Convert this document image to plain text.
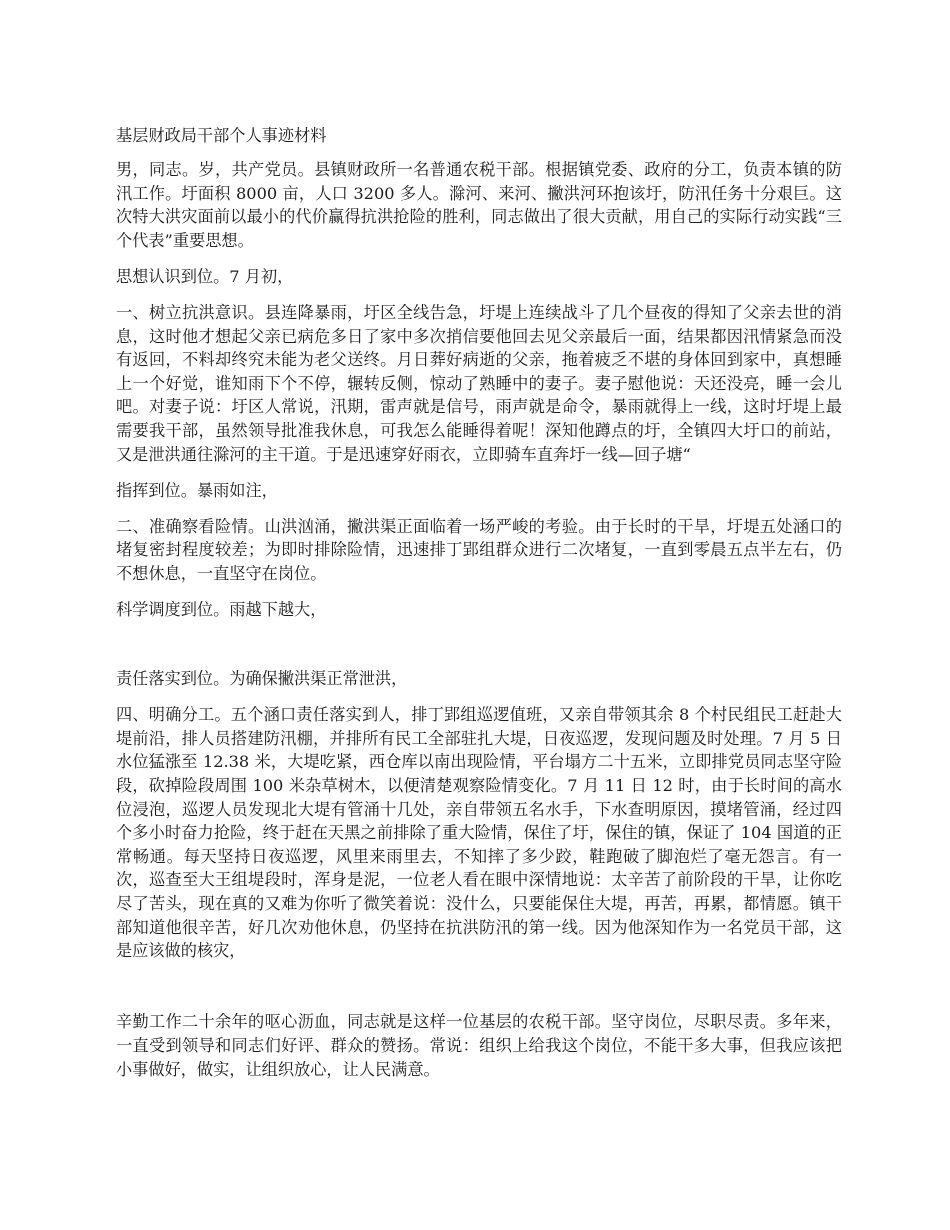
基层财政局干部个人事迹材料

男，同志。岁，共产党员。县镇财政所一名普通农税干部。根据镇党委、政府的分工，负责本镇的防汛工作。圩面积 8000 亩，人口 3200 多人。滁河、来河、撇洪河环抱该圩，防汛任务十分艰巨。这次特大洪灾面前以最小的代价赢得抗洪抢险的胜利，同志做出了很大贡献，用自己的实际行动实践“三个代表”重要思想。

思想认识到位。7 月初，

一、树立抗洪意识。县连降暴雨，圩区全线告急，圩堤上连续战斗了几个昼夜的得知了父亲去世的消息，这时他才想起父亲已病危多日了家中多次捎信要他回去见父亲最后一面，结果都因汛情紧急而没有返回，不料却终究未能为老父送终。月日葬好病逝的父亲，拖着疲乏不堪的身体回到家中，真想睡上一个好觉，谁知雨下个不停，辗转反侧，惊动了熟睡中的妻子。妻子慰他说：天还没亮，睡一会儿吧。对妻子说：圩区人常说，汛期，雷声就是信号，雨声就是命令，暴雨就得上一线，这时圩堤上最需要我干部，虽然领导批准我休息，可我怎么能睡得着呢！深知他蹲点的圩，全镇四大圩口的前站，又是泄洪通往滁河的主干道。于是迅速穿好雨衣，立即骑车直奔圩一线—回子塘“

指挥到位。暴雨如注，

二、准确察看险情。山洪汹涌，撇洪渠正面临着一场严峻的考验。由于长时的干旱，圩堤五处涵口的堵复密封程度较差；为即时排除险情，迅速排丁郢组群众进行二次堵复，一直到零晨五点半左右，仍不想休息，一直坚守在岗位。

科学调度到位。雨越下越大，

责任落实到位。为确保撇洪渠正常泄洪，

四、明确分工。五个涵口责任落实到人，排丁郢组巡逻值班，又亲自带领其余 8 个村民组民工赶赴大堤前沿，排人员搭建防汛棚，并排所有民工全部驻扎大堤，日夜巡逻，发现问题及时处理。7 月 5 日水位猛涨至 12.38 米，大堤吃紧，西仓库以南出现险情，平台塌方二十五米，立即排党员同志坚守险段，砍掉险段周围 100 米杂草树木，以便清楚观察险情变化。7 月 11 日 12 时，由于长时间的高水位浸泡，巡逻人员发现北大堤有管涌十几处，亲自带领五名水手，下水查明原因，摸堵管涌，经过四个多小时奋力抢险，终于赶在天黑之前排除了重大险情，保住了圩，保住的镇，保证了 104 国道的正常畅通。每天坚持日夜巡逻，风里来雨里去，不知摔了多少跤，鞋跑破了脚泡烂了毫无怨言。有一次，巡查至大王组堤段时，浑身是泥，一位老人看在眼中深情地说：太辛苦了前阶段的干旱，让你吃尽了苦头，现在真的又难为你听了微笑着说：没什么，只要能保住大堤，再苦，再累，都情愿。镇干部知道他很辛苦，好几次劝他休息，仍坚持在抗洪防汛的第一线。因为他深知作为一名党员干部，这是应该做的核灾，

辛勤工作二十余年的呕心沥血，同志就是这样一位基层的农税干部。坚守岗位，尽职尽责。多年来，一直受到领导和同志们好评、群众的赞扬。常说：组织上给我这个岗位，不能干多大事，但我应该把小事做好，做实，让组织放心，让人民满意。
